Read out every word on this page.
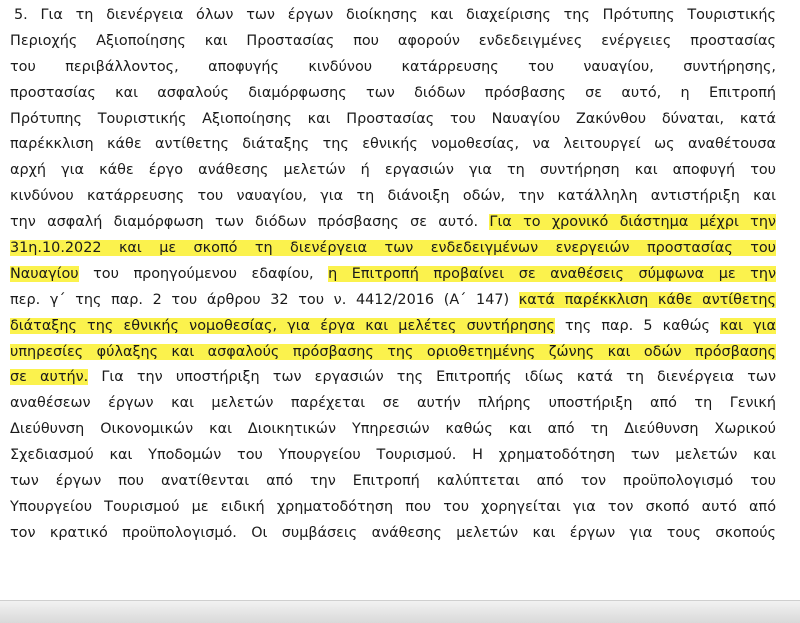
5. Για τη διενέργεια όλων των έργων διοίκησης και διαχείρισης της Πρότυπης Τουριστικής
Περιοχής Αξιοποίησης και Προστασίας που αφορούν ενδεδειγμένες ενέργειες προστασίας
του περιβάλλοντος, αποφυγής κινδύνου κατάρρευσης του ναυαγίου, συντήρησης,
προστασίας και ασφαλούς διαμόρφωσης των διόδων πρόσβασης σε αυτό, η Επιτροπή
Πρότυπης Τουριστικής Αξιοποίησης και Προστασίας του Ναυαγίου Ζακύνθου δύναται, κατά
παρέκκλιση κάθε αντίθετης διάταξης της εθνικής νομοθεσίας, να λειτουργεί ως αναθέτουσα
αρχή για κάθε έργο ανάθεσης μελετών ή εργασιών για τη συντήρηση και αποφυγή του
κινδύνου κατάρρευσης του ναυαγίου, για τη διάνοιξη οδών, την κατάλληλη αντιστήριξη και
την ασφαλή διαμόρφωση των διόδων πρόσβασης σε αυτό. Για το χρονικό διάστημα μέχρι την
31η.10.2022 και με σκοπό τη διενέργεια των ενδεδειγμένων ενεργειών προστασίας του
Ναυαγίου του προηγούμενου εδαφίου, η Επιτροπή προβαίνει σε αναθέσεις σύμφωνα με την
περ. γ΄ της παρ. 2 του άρθρου 32 του ν. 4412/2016 (Α΄ 147) κατά παρέκκλιση κάθε αντίθετης
διάταξης της εθνικής νομοθεσίας, για έργα και μελέτες συντήρησης της παρ. 5 καθώς και για
υπηρεσίες φύλαξης και ασφαλούς πρόσβασης της οριοθετημένης ζώνης και οδών πρόσβασης
σε αυτήν. Για την υποστήριξη των εργασιών της Επιτροπής ιδίως κατά τη διενέργεια των
αναθέσεων έργων και μελετών παρέχεται σε αυτήν πλήρης υποστήριξη από τη Γενική
Διεύθυνση Οικονομικών και Διοικητικών Υπηρεσιών καθώς και από τη Διεύθυνση Χωρικού
Σχεδιασμού και Υποδομών του Υπουργείου Τουρισμού. Η χρηματοδότηση των μελετών και
των έργων που ανατίθενται από την Επιτροπή καλύπτεται από τον προϋπολογισμό του
Υπουργείου Τουρισμού με ειδική χρηματοδότηση που του χορηγείται για τον σκοπό αυτό από
τον κρατικό προϋπολογισμό. Οι συμβάσεις ανάθεσης μελετών και έργων για τους σκοπούς
